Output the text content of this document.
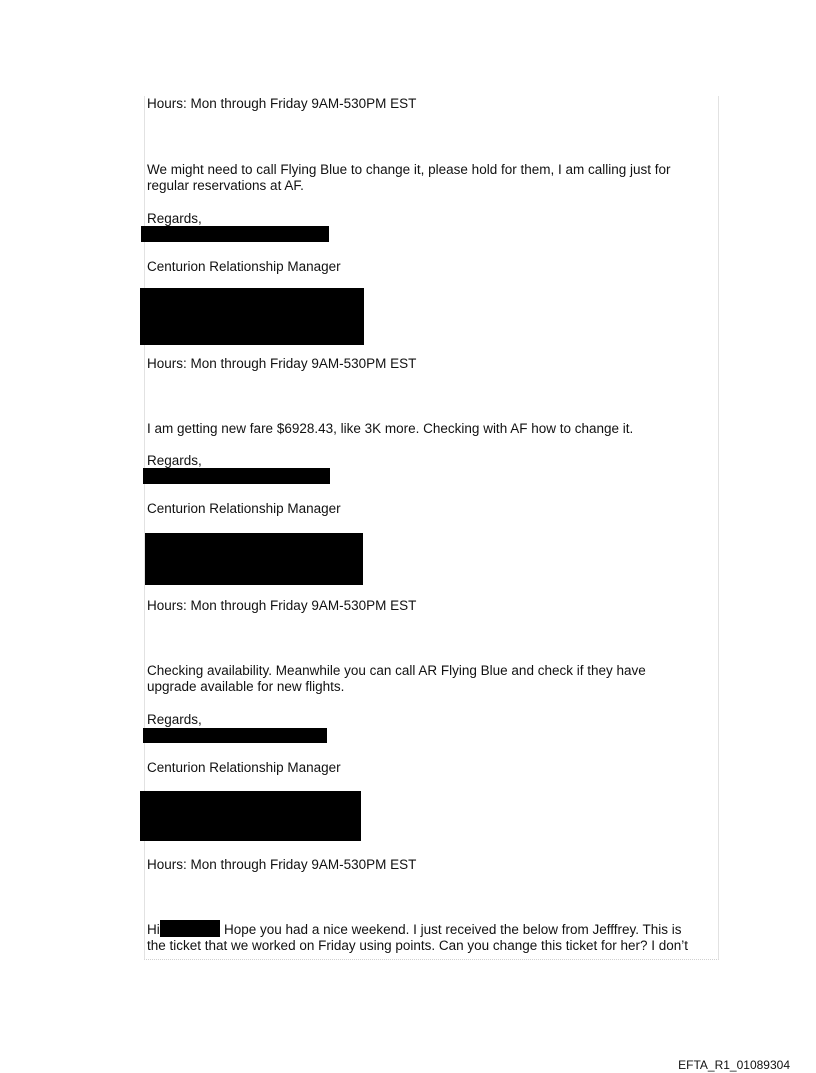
Hours: Mon through Friday 9AM-530PM EST
We might need to call Flying Blue to change it, please hold for them, I am calling just for
regular reservations at AF.
Regards,
Centurion Relationship Manager
Hours: Mon through Friday 9AM-530PM EST
I am getting new fare $6928.43, like 3K more. Checking with AF how to change it.
Regards,
Centurion Relationship Manager
Hours: Mon through Friday 9AM-530PM EST
Checking availability. Meanwhile you can call AR Flying Blue and check if they have
upgrade available for new flights.
Regards,
Centurion Relationship Manager
Hours: Mon through Friday 9AM-530PM EST
Hi	Hope you had a nice weekend. I just received the below from Jefffrey. This is
the ticket that we worked on Friday using points. Can you change this ticket for her? I don’t
EFTA_R1_01089304
